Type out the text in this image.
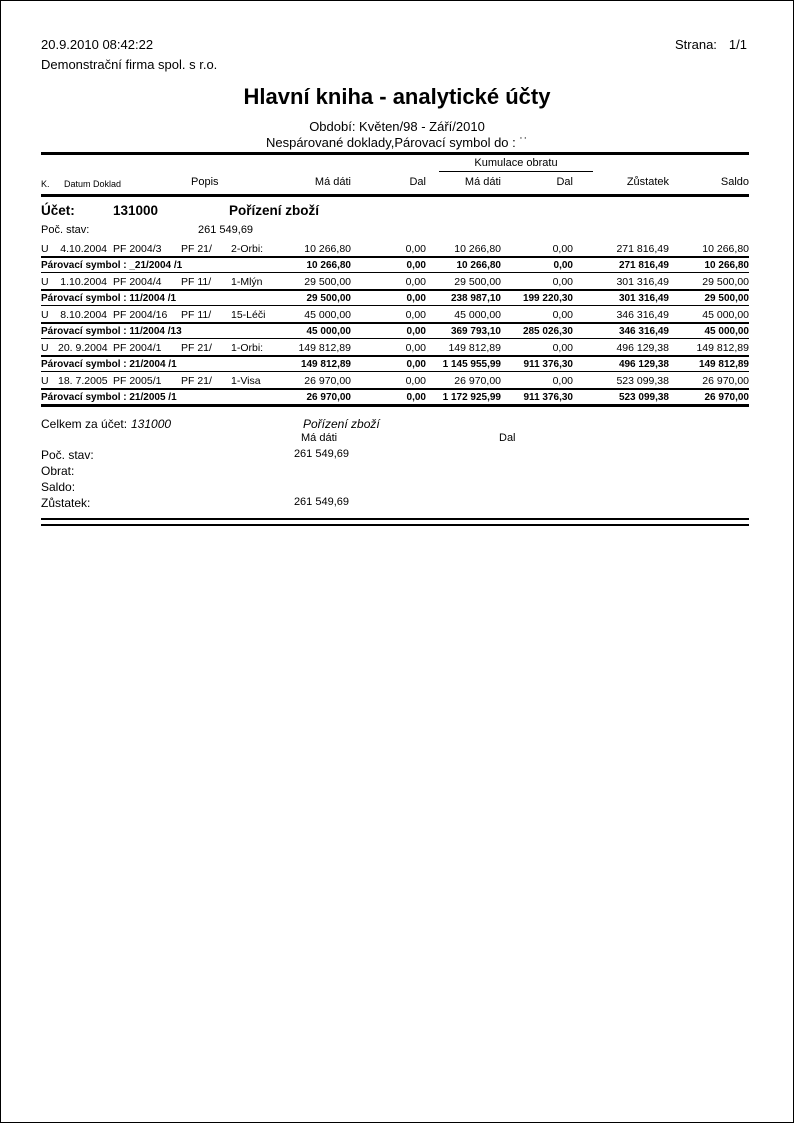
20.9.2010 08:42:22	Strana: 1/1
Demonstrační firma spol. s r.o.
Hlavní kniha - analytické účty
Období: Květen/98 - Září/2010
Nespárované doklady,Párovací symbol do : ˙˙
Kumulace obratu
K.	Datum Doklad	Popis	Má dáti	Dal	Má dáti	Dal	Zůstatek	Saldo
Účet:	131000	Pořízení zboží
Poč. stav:	261 549,69
U	4.10.2004 PF 2004/3	PF 21/	2-Orbi:	10 266,80	0,00	10 266,80	0,00	271 816,49	10 266,80
Párovací symbol : _21/2004 /1	10 266,80	0,00	10 266,80	0,00	271 816,49	10 266,80
U	1.10.2004 PF 2004/4	PF 11/	1-Mlýn	29 500,00	0,00	29 500,00	0,00	301 316,49	29 500,00
Párovací symbol : 11/2004 /1	29 500,00	0,00	238 987,10	199 220,30	301 316,49	29 500,00
U	8.10.2004 PF 2004/16	PF 11/	15-Léči	45 000,00	0,00	45 000,00	0,00	346 316,49	45 000,00
Párovací symbol : 11/2004 /13	45 000,00	0,00	369 793,10	285 026,30	346 316,49	45 000,00
U 20. 9.2004 PF 2004/1	PF 21/	1-Orbi:	149 812,89	0,00	149 812,89	0,00	496 129,38	149 812,89
Párovací symbol : 21/2004 /1	149 812,89	0,00	1 145 955,99	911 376,30	496 129,38	149 812,89
U 18. 7.2005 PF 2005/1	PF 21/	1-Visa	26 970,00	0,00	26 970,00	0,00	523 099,38	26 970,00
Párovací symbol : 21/2005 /1	26 970,00	0,00	1 172 925,99	911 376,30	523 099,38	26 970,00
Celkem za účet: 131000	Pořízení zboží
Má dáti	Dal
Poč. stav:	261 549,69
Obrat:
Saldo:
Zůstatek:	261 549,69
